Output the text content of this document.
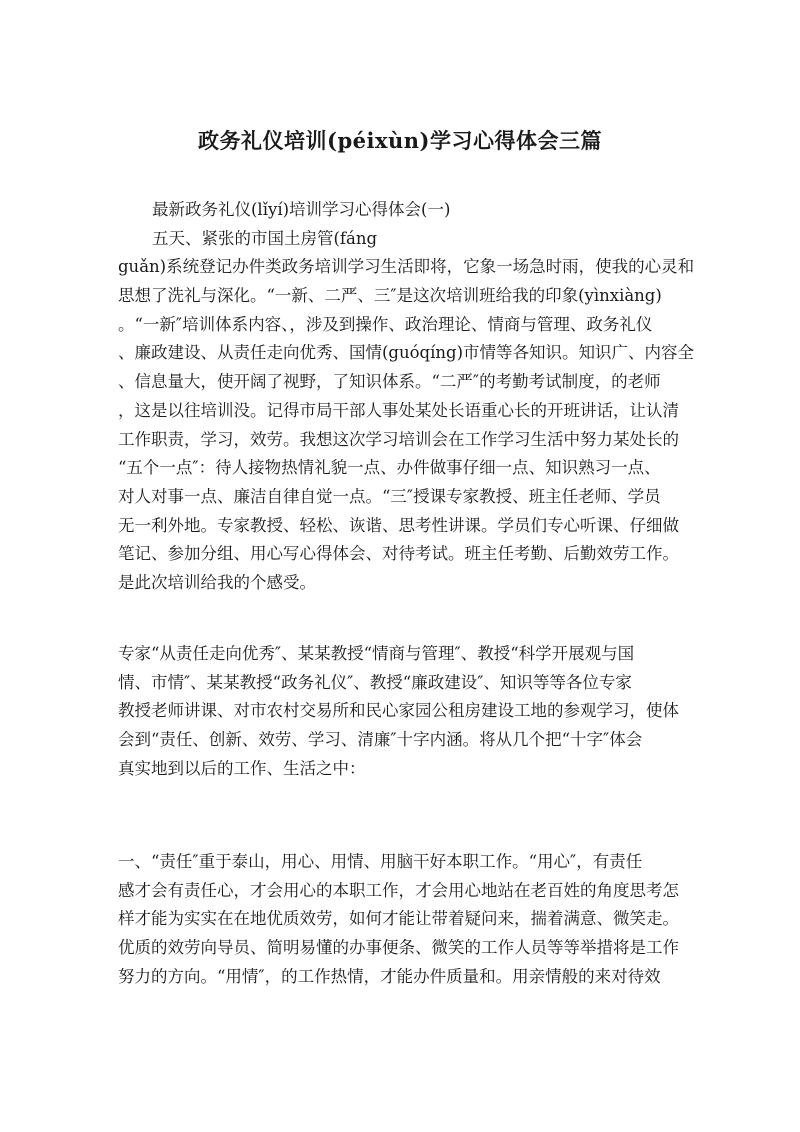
政务礼仪培训(péixùn)学习心得体会三篇
最新政务礼仪(lǐyí)培训学习心得体会(一)
五天、紧张的市国土房管(fáng
guǎn)系统登记办件类政务培训学习生活即将，它象一场急时雨，使我的心灵和
思想了洗礼与深化。“一新、二严、三″是这次培训班给我的印象(yìnxiàng)
。“一新″培训体系内容、，涉及到操作、政治理论、情商与管理、政务礼仪
、廉政建设、从责任走向优秀、国情(guóqíng)市情等各知识。知识广、内容全
、信息量大，使开阔了视野，了知识体系。“二严″的考勤考试制度，的老师
，这是以往培训没。记得市局干部人事处某处长语重心长的开班讲话，让认清
工作职责，学习，效劳。我想这次学习培训会在工作学习生活中努力某处长的
“五个一点″：待人接物热情礼貌一点、办件做事仔细一点、知识熟习一点、
对人对事一点、廉洁自律自觉一点。“三″授课专家教授、班主任老师、学员
无一利外地。专家教授、轻松、诙谐、思考性讲课。学员们专心听课、仔细做
笔记、参加分组、用心写心得体会、对待考试。班主任考勤、后勤效劳工作。
是此次培训给我的个感受。
专家“从责任走向优秀″、某某教授“情商与管理″、教授“科学开展观与国
情、市情″、某某教授“政务礼仪″、教授“廉政建设″、知识等等各位专家
教授老师讲课、对市农村交易所和民心家园公租房建设工地的参观学习，使体
会到“责任、创新、效劳、学习、清廉″十字内涵。将从几个把“十字″体会
真实地到以后的工作、生活之中：
一、“责任″重于泰山，用心、用情、用脑干好本职工作。“用心″，有责任
感才会有责任心，才会用心的本职工作，才会用心地站在老百姓的角度思考怎
样才能为实实在在地优质效劳，如何才能让带着疑问来，揣着满意、微笑走。
优质的效劳向导员、简明易懂的办事便条、微笑的工作人员等等举措将是工作
努力的方向。“用情″，的工作热情，才能办件质量和。用亲情般的来对待效
